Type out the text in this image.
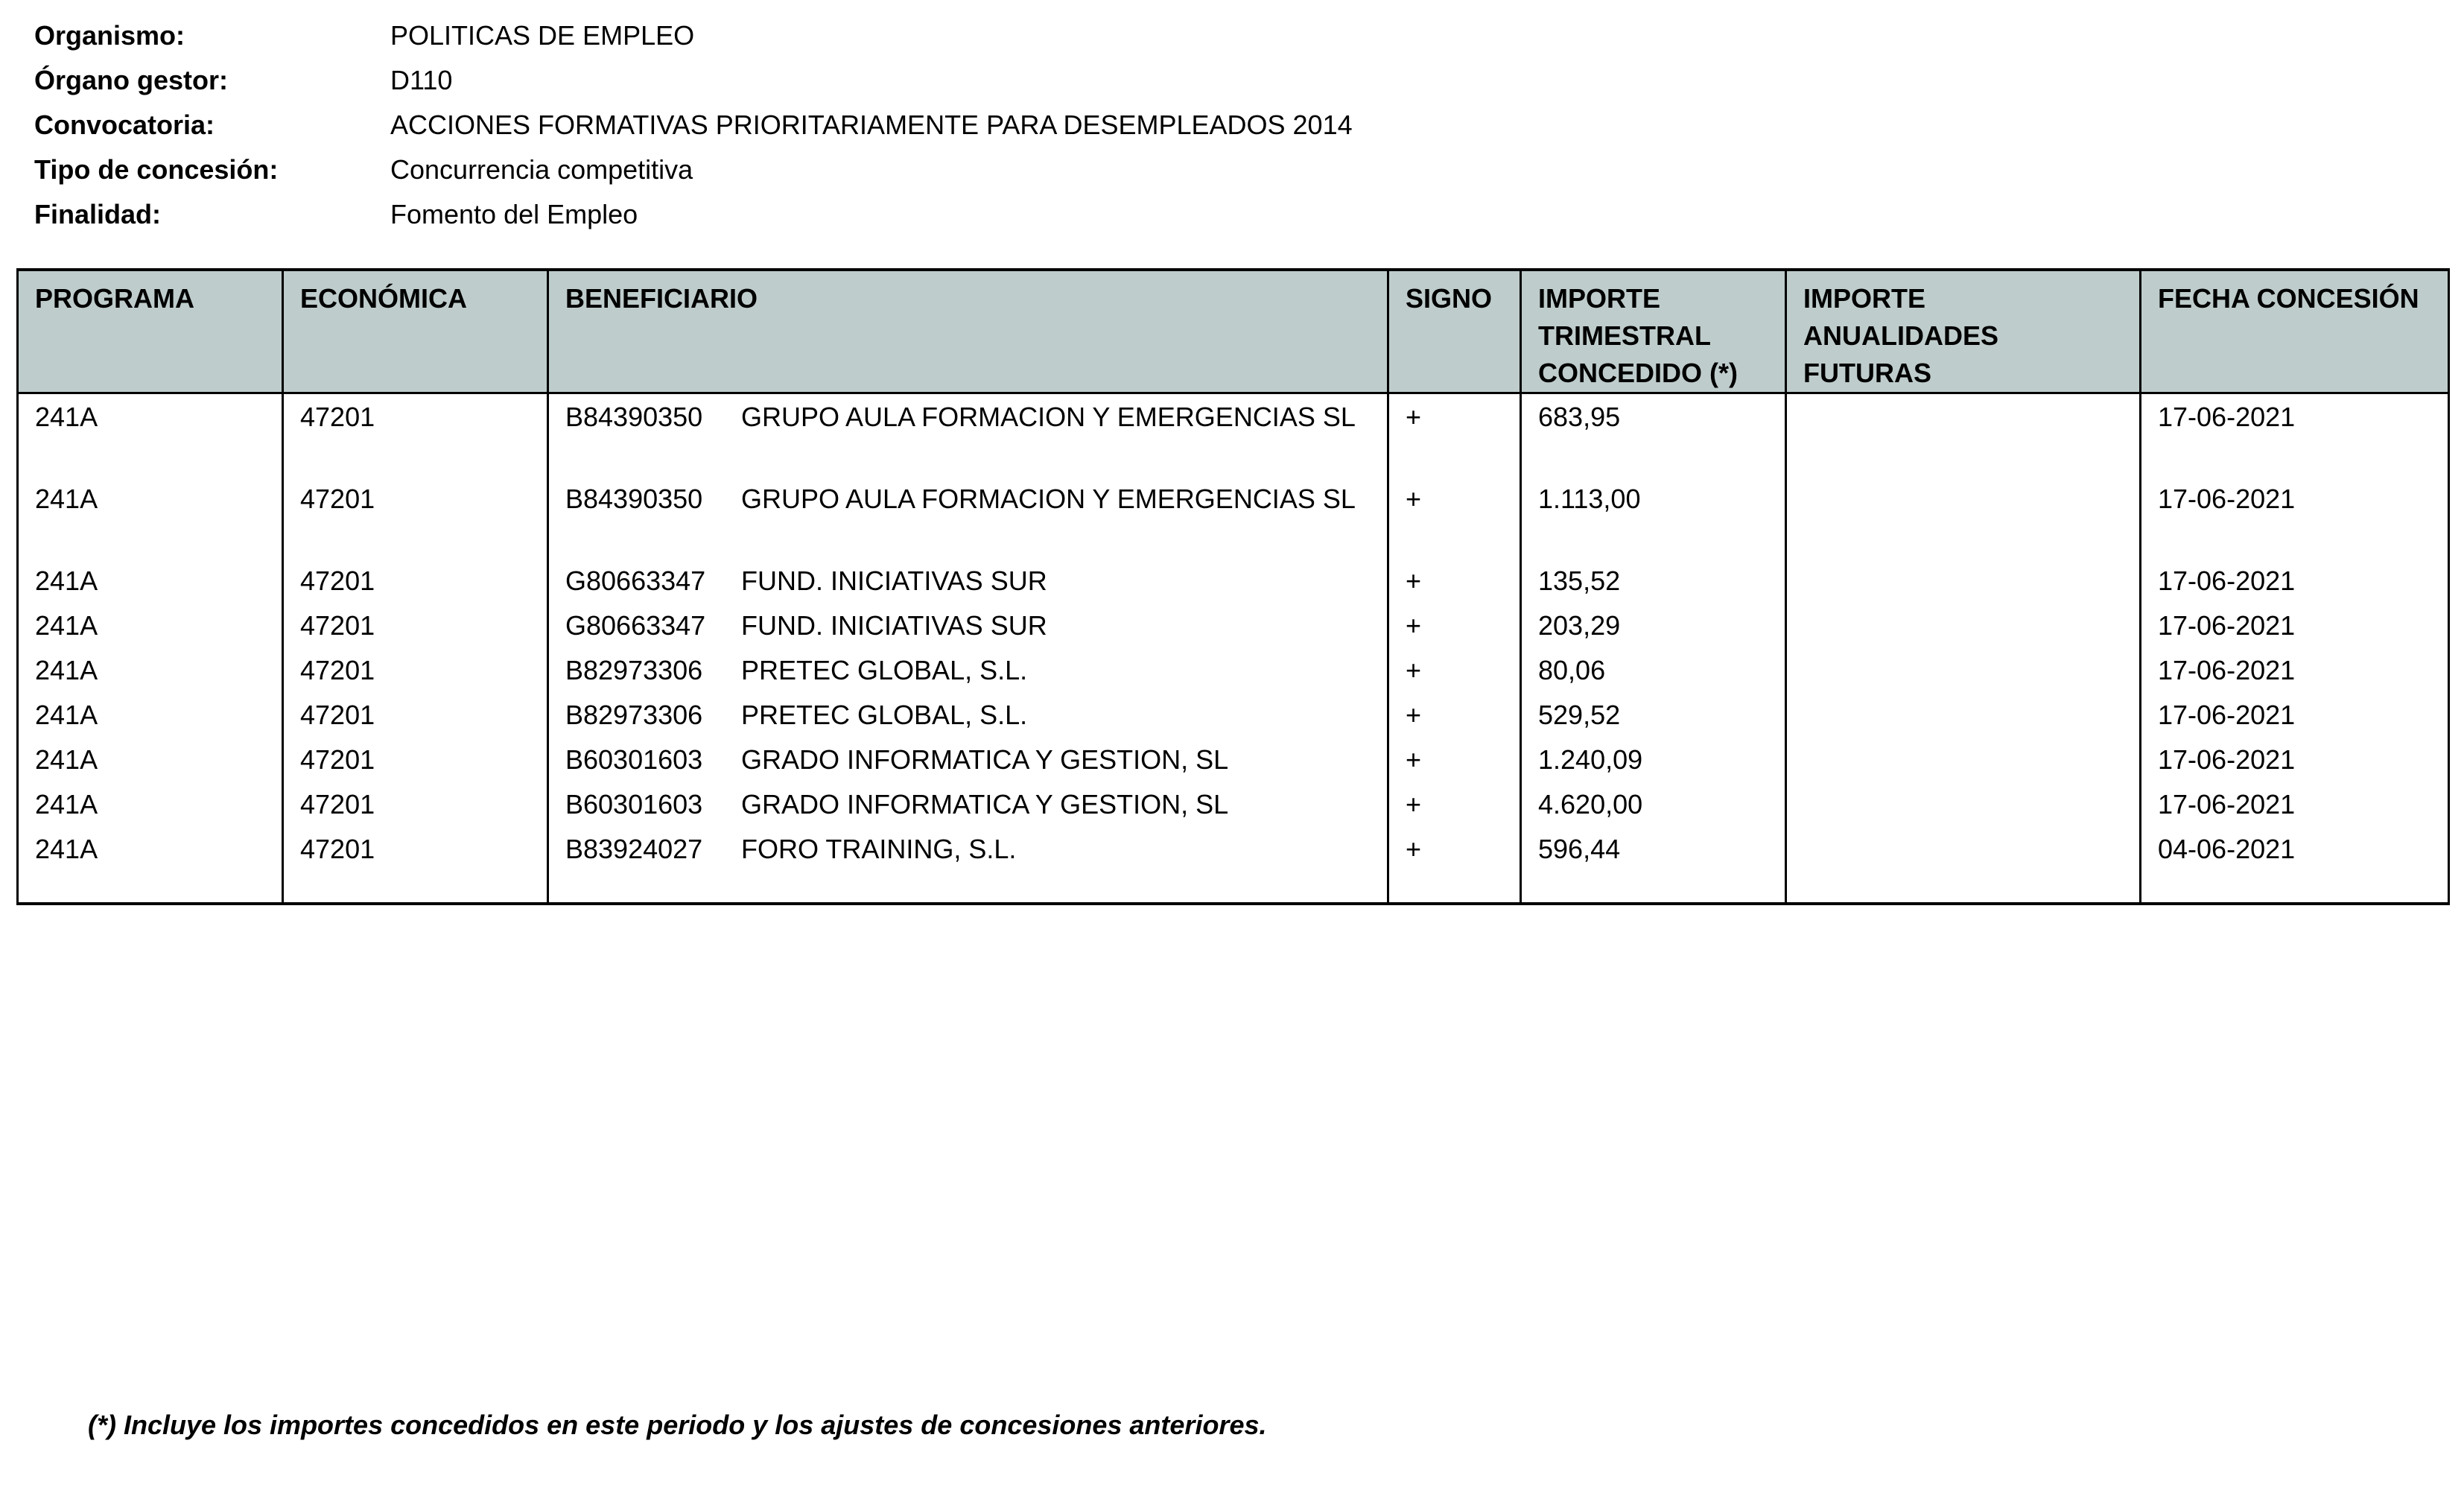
Organismo:	POLITICAS DE EMPLEO
Órgano gestor:	D110
Convocatoria:	ACCIONES FORMATIVAS PRIORITARIAMENTE PARA DESEMPLEADOS 2014
Tipo de concesión:	Concurrencia competitiva
Finalidad:	Fomento del Empleo
PROGRAMA	ECONÓMICA	BENEFICIARIO	SIGNO	IMPORTE TRIMESTRAL CONCEDIDO (*)	IMPORTE ANUALIDADES FUTURAS	FECHA CONCESIÓN
241A	47201	B84390350 GRUPO AULA FORMACION Y EMERGENCIAS SL	+	683,95		17-06-2021
241A	47201	B84390350 GRUPO AULA FORMACION Y EMERGENCIAS SL	+	1.113,00		17-06-2021
241A	47201	G80663347 FUND. INICIATIVAS SUR	+	135,52		17-06-2021
241A	47201	G80663347 FUND. INICIATIVAS SUR	+	203,29		17-06-2021
241A	47201	B82973306 PRETEC GLOBAL, S.L.	+	80,06		17-06-2021
241A	47201	B82973306 PRETEC GLOBAL, S.L.	+	529,52		17-06-2021
241A	47201	B60301603 GRADO INFORMATICA Y GESTION, SL	+	1.240,09		17-06-2021
241A	47201	B60301603 GRADO INFORMATICA Y GESTION, SL	+	4.620,00		17-06-2021
241A	47201	B83924027 FORO TRAINING, S.L.	+	596,44		04-06-2021

(*) Incluye los importes concedidos en este periodo y los ajustes de concesiones anteriores.
